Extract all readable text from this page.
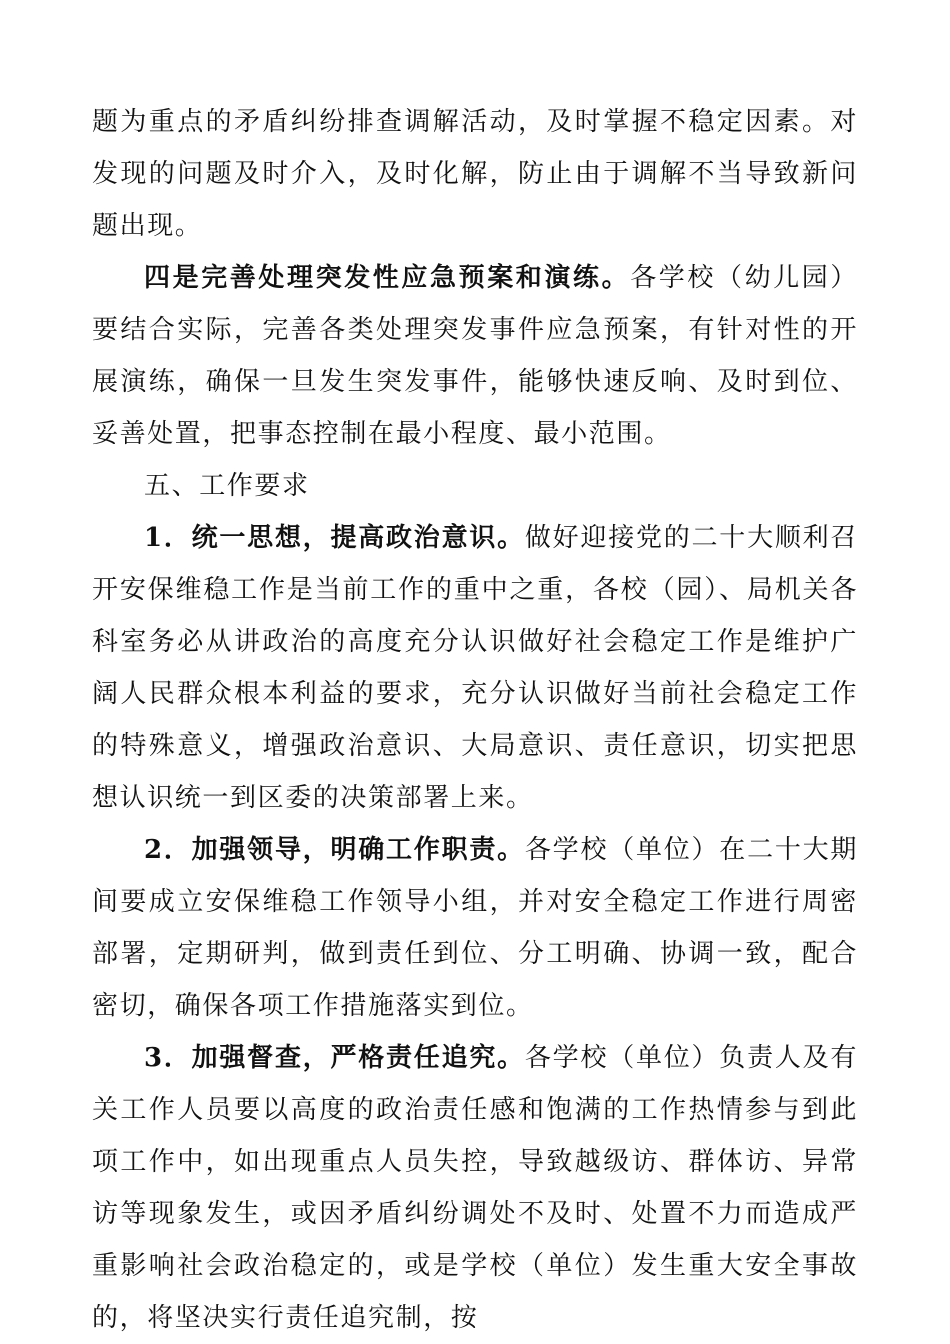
题为重点的矛盾纠纷排查调解活动，及时掌握不稳定因素。对发现的问题及时介入，及时化解，防止由于调解不当导致新问题出现。

四是完善处理突发性应急预案和演练。各学校（幼儿园）要结合实际，完善各类处理突发事件应急预案，有针对性的开展演练，确保一旦发生突发事件，能够快速反响、及时到位、妥善处置，把事态控制在最小程度、最小范围。

五、工作要求

1．统一思想，提高政治意识。做好迎接党的二十大顺利召开安保维稳工作是当前工作的重中之重，各校（园）、局机关各科室务必从讲政治的高度充分认识做好社会稳定工作是维护广阔人民群众根本利益的要求，充分认识做好当前社会稳定工作的特殊意义，增强政治意识、大局意识、责任意识，切实把思想认识统一到区委的决策部署上来。

2．加强领导，明确工作职责。各学校（单位）在二十大期间要成立安保维稳工作领导小组，并对安全稳定工作进行周密部署，定期研判，做到责任到位、分工明确、协调一致，配合密切，确保各项工作措施落实到位。

3．加强督查，严格责任追究。各学校（单位）负责人及有关工作人员要以高度的政治责任感和饱满的工作热情参与到此项工作中，如出现重点人员失控，导致越级访、群体访、异常访等现象发生，或因矛盾纠纷调处不及时、处置不力而造成严重影响社会政治稳定的，或是学校（单位）发生重大安全事故的，将坚决实行责任追究制，按
